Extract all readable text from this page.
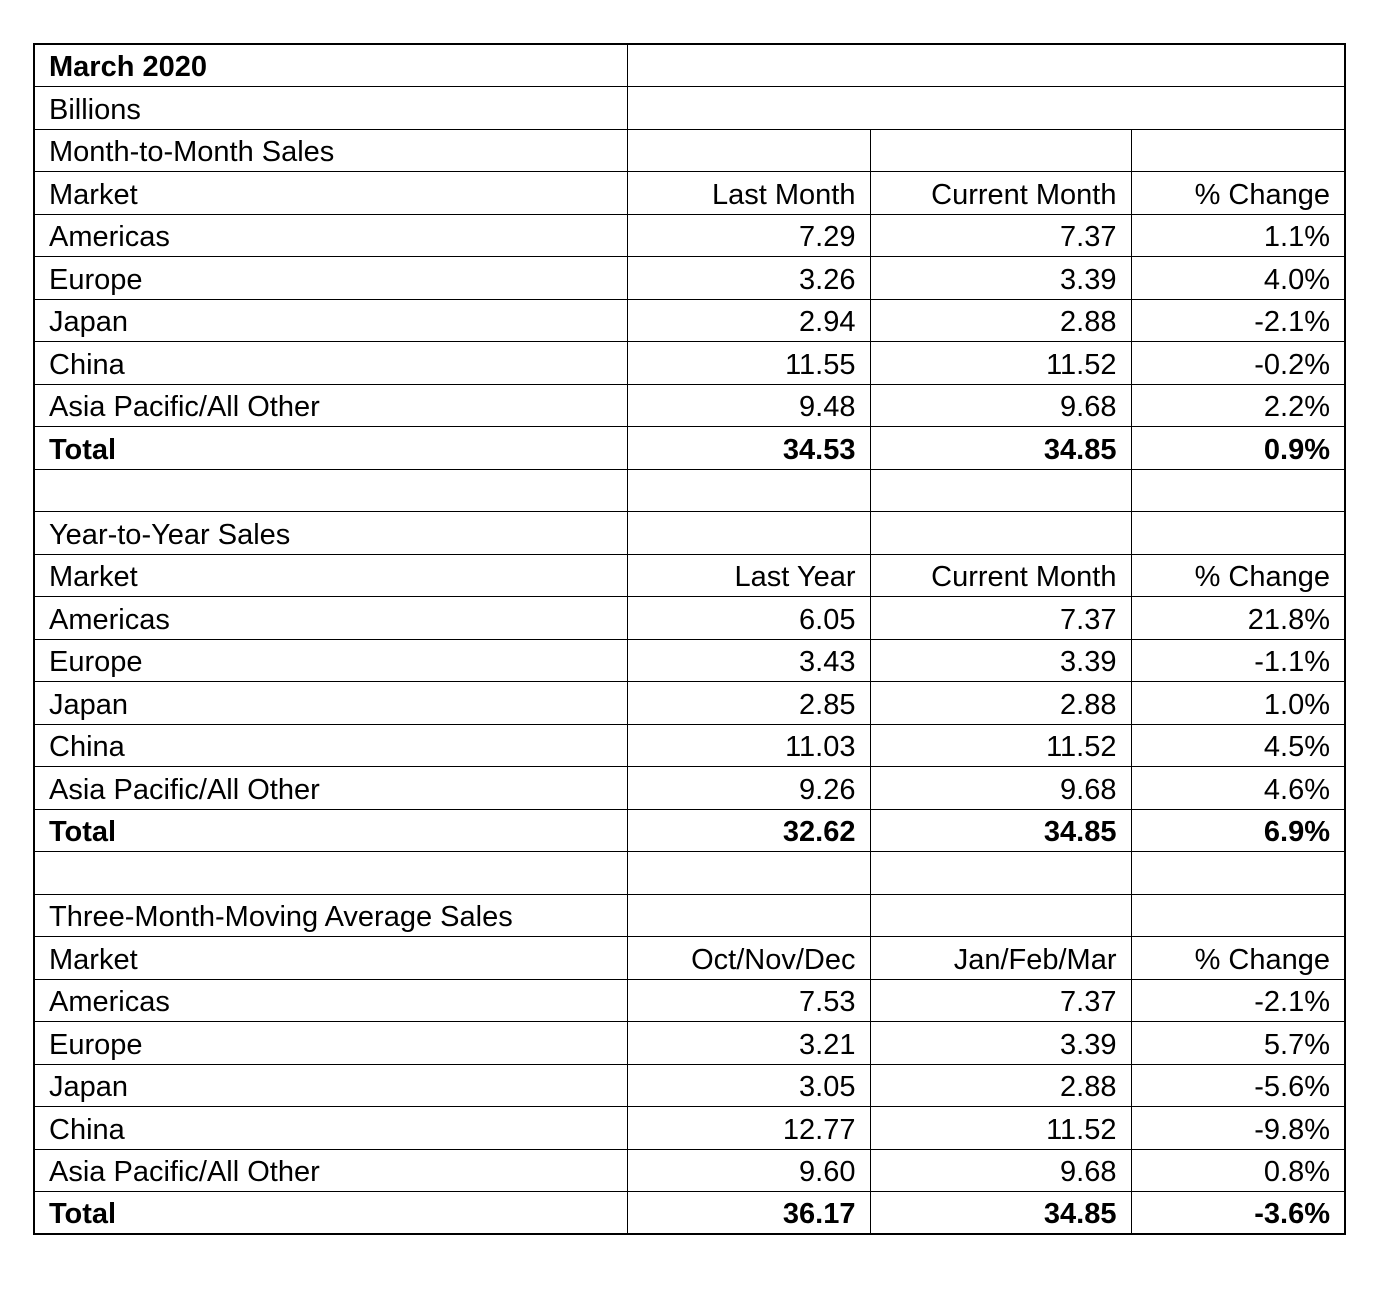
March 2020			
Billions			
Month-to-Month Sales			
Market	Last Month	Current Month	% Change
Americas	7.29	7.37	1.1%
Europe	3.26	3.39	4.0%
Japan	2.94	2.88	-2.1%
China	11.55	11.52	-0.2%
Asia Pacific/All Other	9.48	9.68	2.2%
Total	34.53	34.85	0.9%

Year-to-Year Sales			
Market	Last Year	Current Month	% Change
Americas	6.05	7.37	21.8%
Europe	3.43	3.39	-1.1%
Japan	2.85	2.88	1.0%
China	11.03	11.52	4.5%
Asia Pacific/All Other	9.26	9.68	4.6%
Total	32.62	34.85	6.9%

Three-Month-Moving Average Sales			
Market	Oct/Nov/Dec	Jan/Feb/Mar	% Change
Americas	7.53	7.37	-2.1%
Europe	3.21	3.39	5.7%
Japan	3.05	2.88	-5.6%
China	12.77	11.52	-9.8%
Asia Pacific/All Other	9.60	9.68	0.8%
Total	36.17	34.85	-3.6%
